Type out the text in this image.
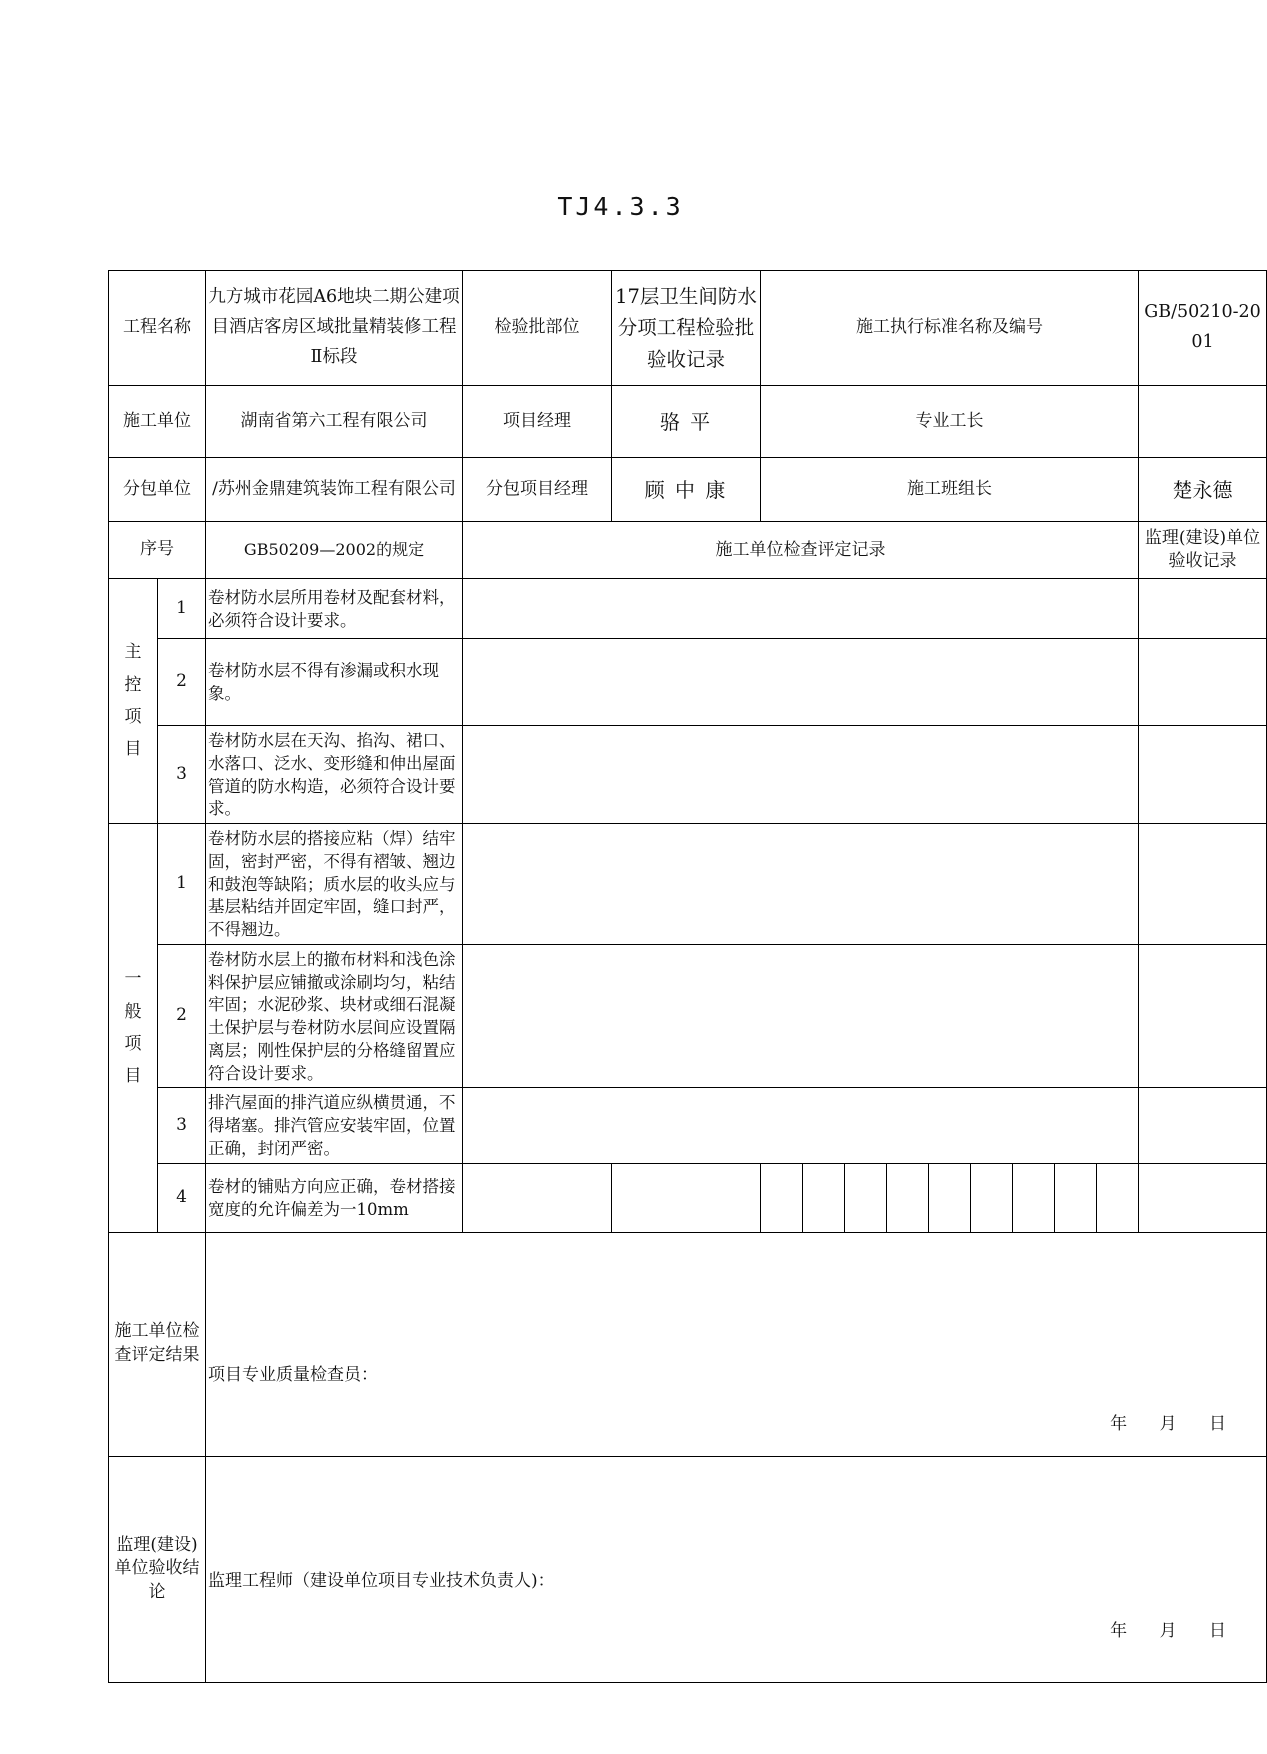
TJ4.3.3
工程名称		九方城市花园A6地块二期公建项目酒店客房区域批量精装修工程Ⅱ标段	检验批部位	17层卫生间防水分项工程检验批验收记录	施工执行标准名称及编号									GB/50210-2001
施工单位		湖南省第六工程有限公司	项目经理	骆 平	专业工长									
分包单位		/苏州金鼎建筑装饰工程有限公司	分包项目经理	顾 中 康	施工班组长									楚永德
序号		GB50209—2002的规定	施工单位检查评定记录											监理(建设)单位验收记录
主控项目	1	卷材防水层所用卷材及配套材料，必须符合设计要求。												
	2	卷材防水层不得有渗漏或积水现象。												
	3	卷材防水层在天沟、掐沟、裙口、水落口、泛水、变形缝和伸出屋面管道的防水构造，必须符合设计要求。												
一般项目	1	卷材防水层的搭接应粘（焊）结牢固，密封严密，不得有褶皱、翘边和鼓泡等缺陷；质水层的收头应与基层粘结并固定牢固，缝口封严，不得翘边。												
	2	卷材防水层上的撤布材料和浅色涂料保护层应铺撤或涂刷均匀，粘结牢固；水泥砂浆、块材或细石混凝土保护层与卷材防水层间应设置隔离层；刚性保护层的分格缝留置应符合设计要求。												
	3	排汽屋面的排汽道应纵横贯通，不得堵塞。排汽管应安装牢固，位置正确，封闭严密。												
	4	卷材的铺贴方向应正确，卷材搭接宽度的允许偏差为一10mm												
施工单位检查评定结果		项目专业质量检查员：
年      月      日												

监理(建设)单位验收结论		监理工程师（建设单位项目专业技术负责人)：
年      月      日												
